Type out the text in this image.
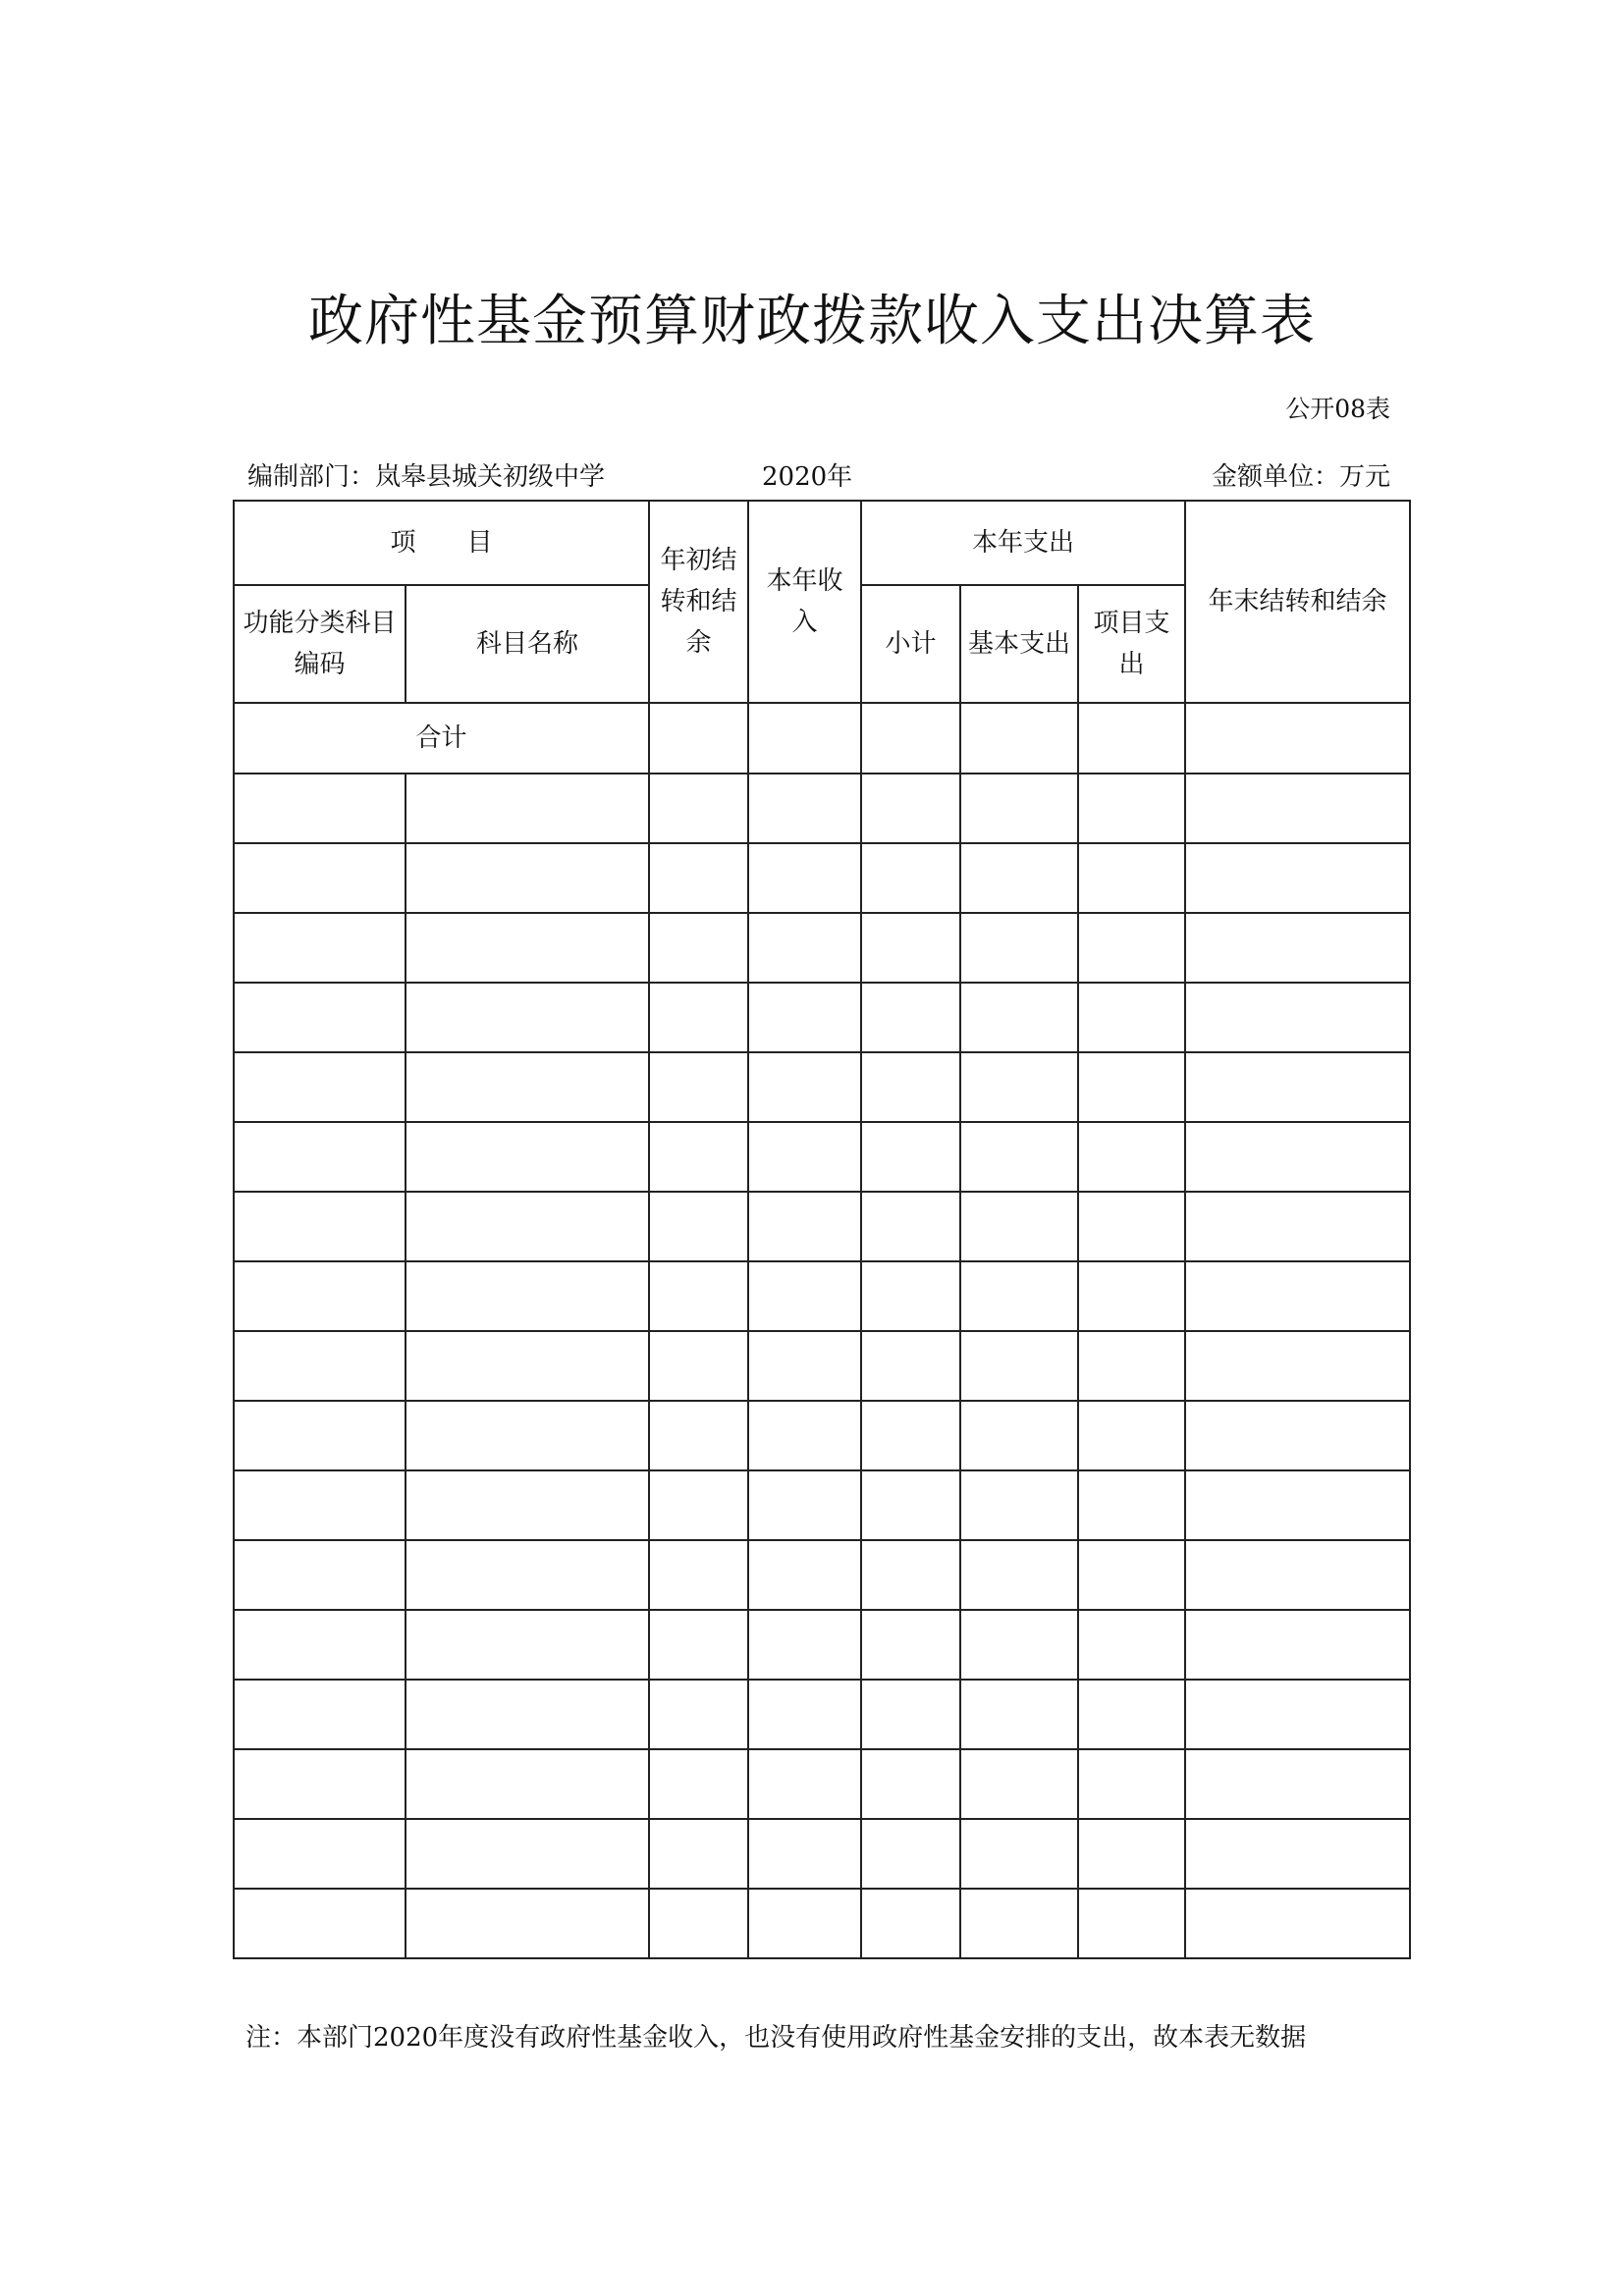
政府性基金预算财政拨款收入支出决算表
公开08表
编制部门：岚皋县城关初级中学	2020年	金额单位：万元
项　　目		年初结转和结余	本年收入	本年支出			年末结转和结余
功能分类科目编码	科目名称			小计	基本支出	项目支出	
合计							

注：本部门2020年度没有政府性基金收入，也没有使用政府性基金安排的支出，故本表无数据
